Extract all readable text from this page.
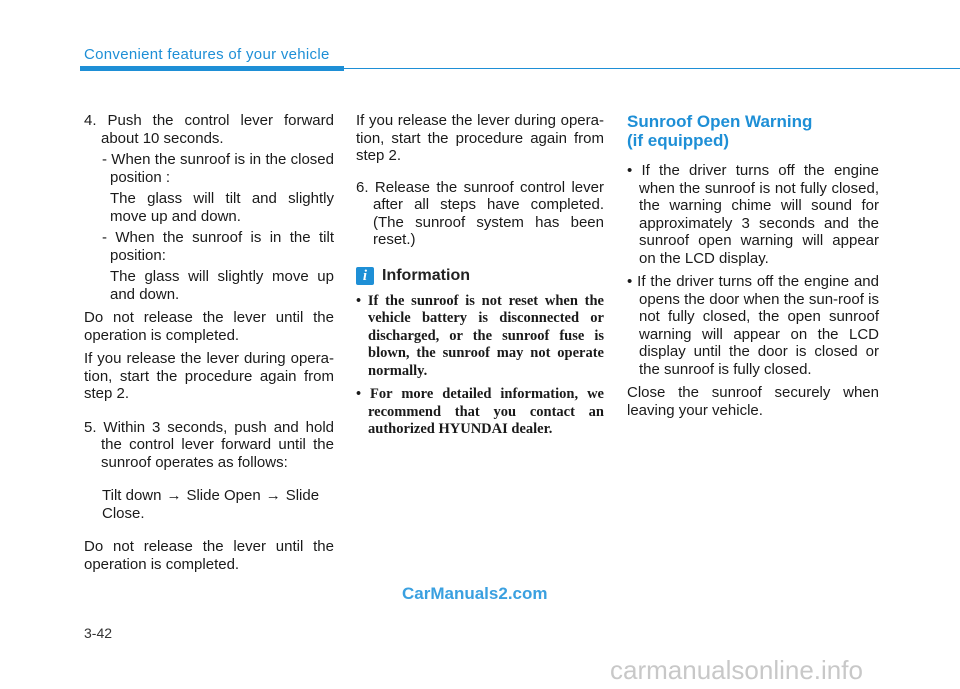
Convenient features of your vehicle

4. Push the control lever forward about 10 seconds.

- When the sunroof is in the closed position :

The glass will tilt and slightly move up and down.

- When the sunroof is in the tilt position:

The glass will slightly move up and down.

Do not release the lever until the operation is completed.

If you release the lever during opera-tion, start the procedure again from step 2.

5. Within 3 seconds, push and hold the control lever forward until the sunroof operates as follows:

Tilt down → Slide Open → Slide Close.

Do not release the lever until the operation is completed.

If you release the lever during opera-tion, start the procedure again from step 2.

6. Release the sunroof control lever after all steps have completed. (The sunroof system has been reset.)

i Information

• If the sunroof is not reset when the vehicle battery is disconnected or discharged, or the sunroof fuse is blown, the sunroof may not operate normally.

• For more detailed information, we recommend that you contact an authorized HYUNDAI dealer.

Sunroof Open Warning
(if equipped)

• If the driver turns off the engine when the sunroof is not fully closed, the warning chime will sound for approximately 3 seconds and the sunroof open warning will appear on the LCD display.

• If the driver turns off the engine and opens the door when the sun-roof is not fully closed, the open sunroof warning will appear on the LCD display until the door is closed or the sunroof is fully closed.

Close the sunroof securely when leaving your vehicle.

CarManuals2.com
3-42
carmanualsonline.info
